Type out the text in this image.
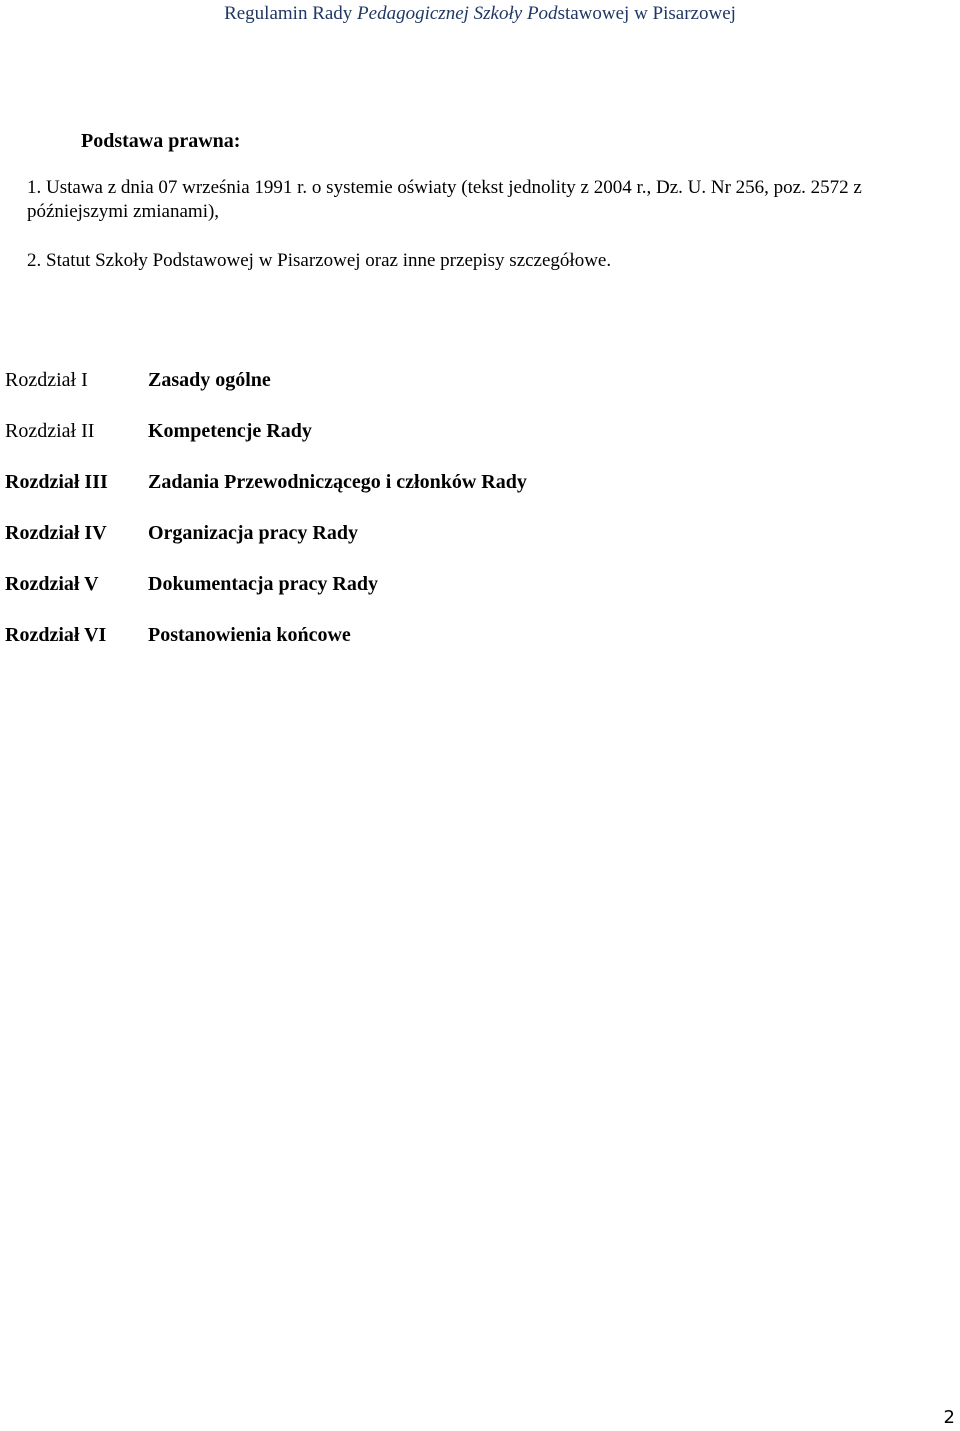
Regulamin Rady Pedagogicznej Szkoły Podstawowej w Pisarzowej
Podstawa prawna:

1. Ustawa z dnia 07 września 1991 r. o systemie oświaty (tekst jednolity z 2004 r., Dz. U. Nr 256, poz. 2572 z późniejszymi zmianami),

2. Statut Szkoły Podstawowej w Pisarzowej oraz inne przepisy szczegółowe.

Rozdział I	Zasady ogólne
Rozdział II	Kompetencje Rady
Rozdział III	Zadania Przewodniczącego i członków Rady
Rozdział IV	Organizacja pracy Rady
Rozdział V	Dokumentacja pracy Rady
Rozdział VI	Postanowienia końcowe
2
